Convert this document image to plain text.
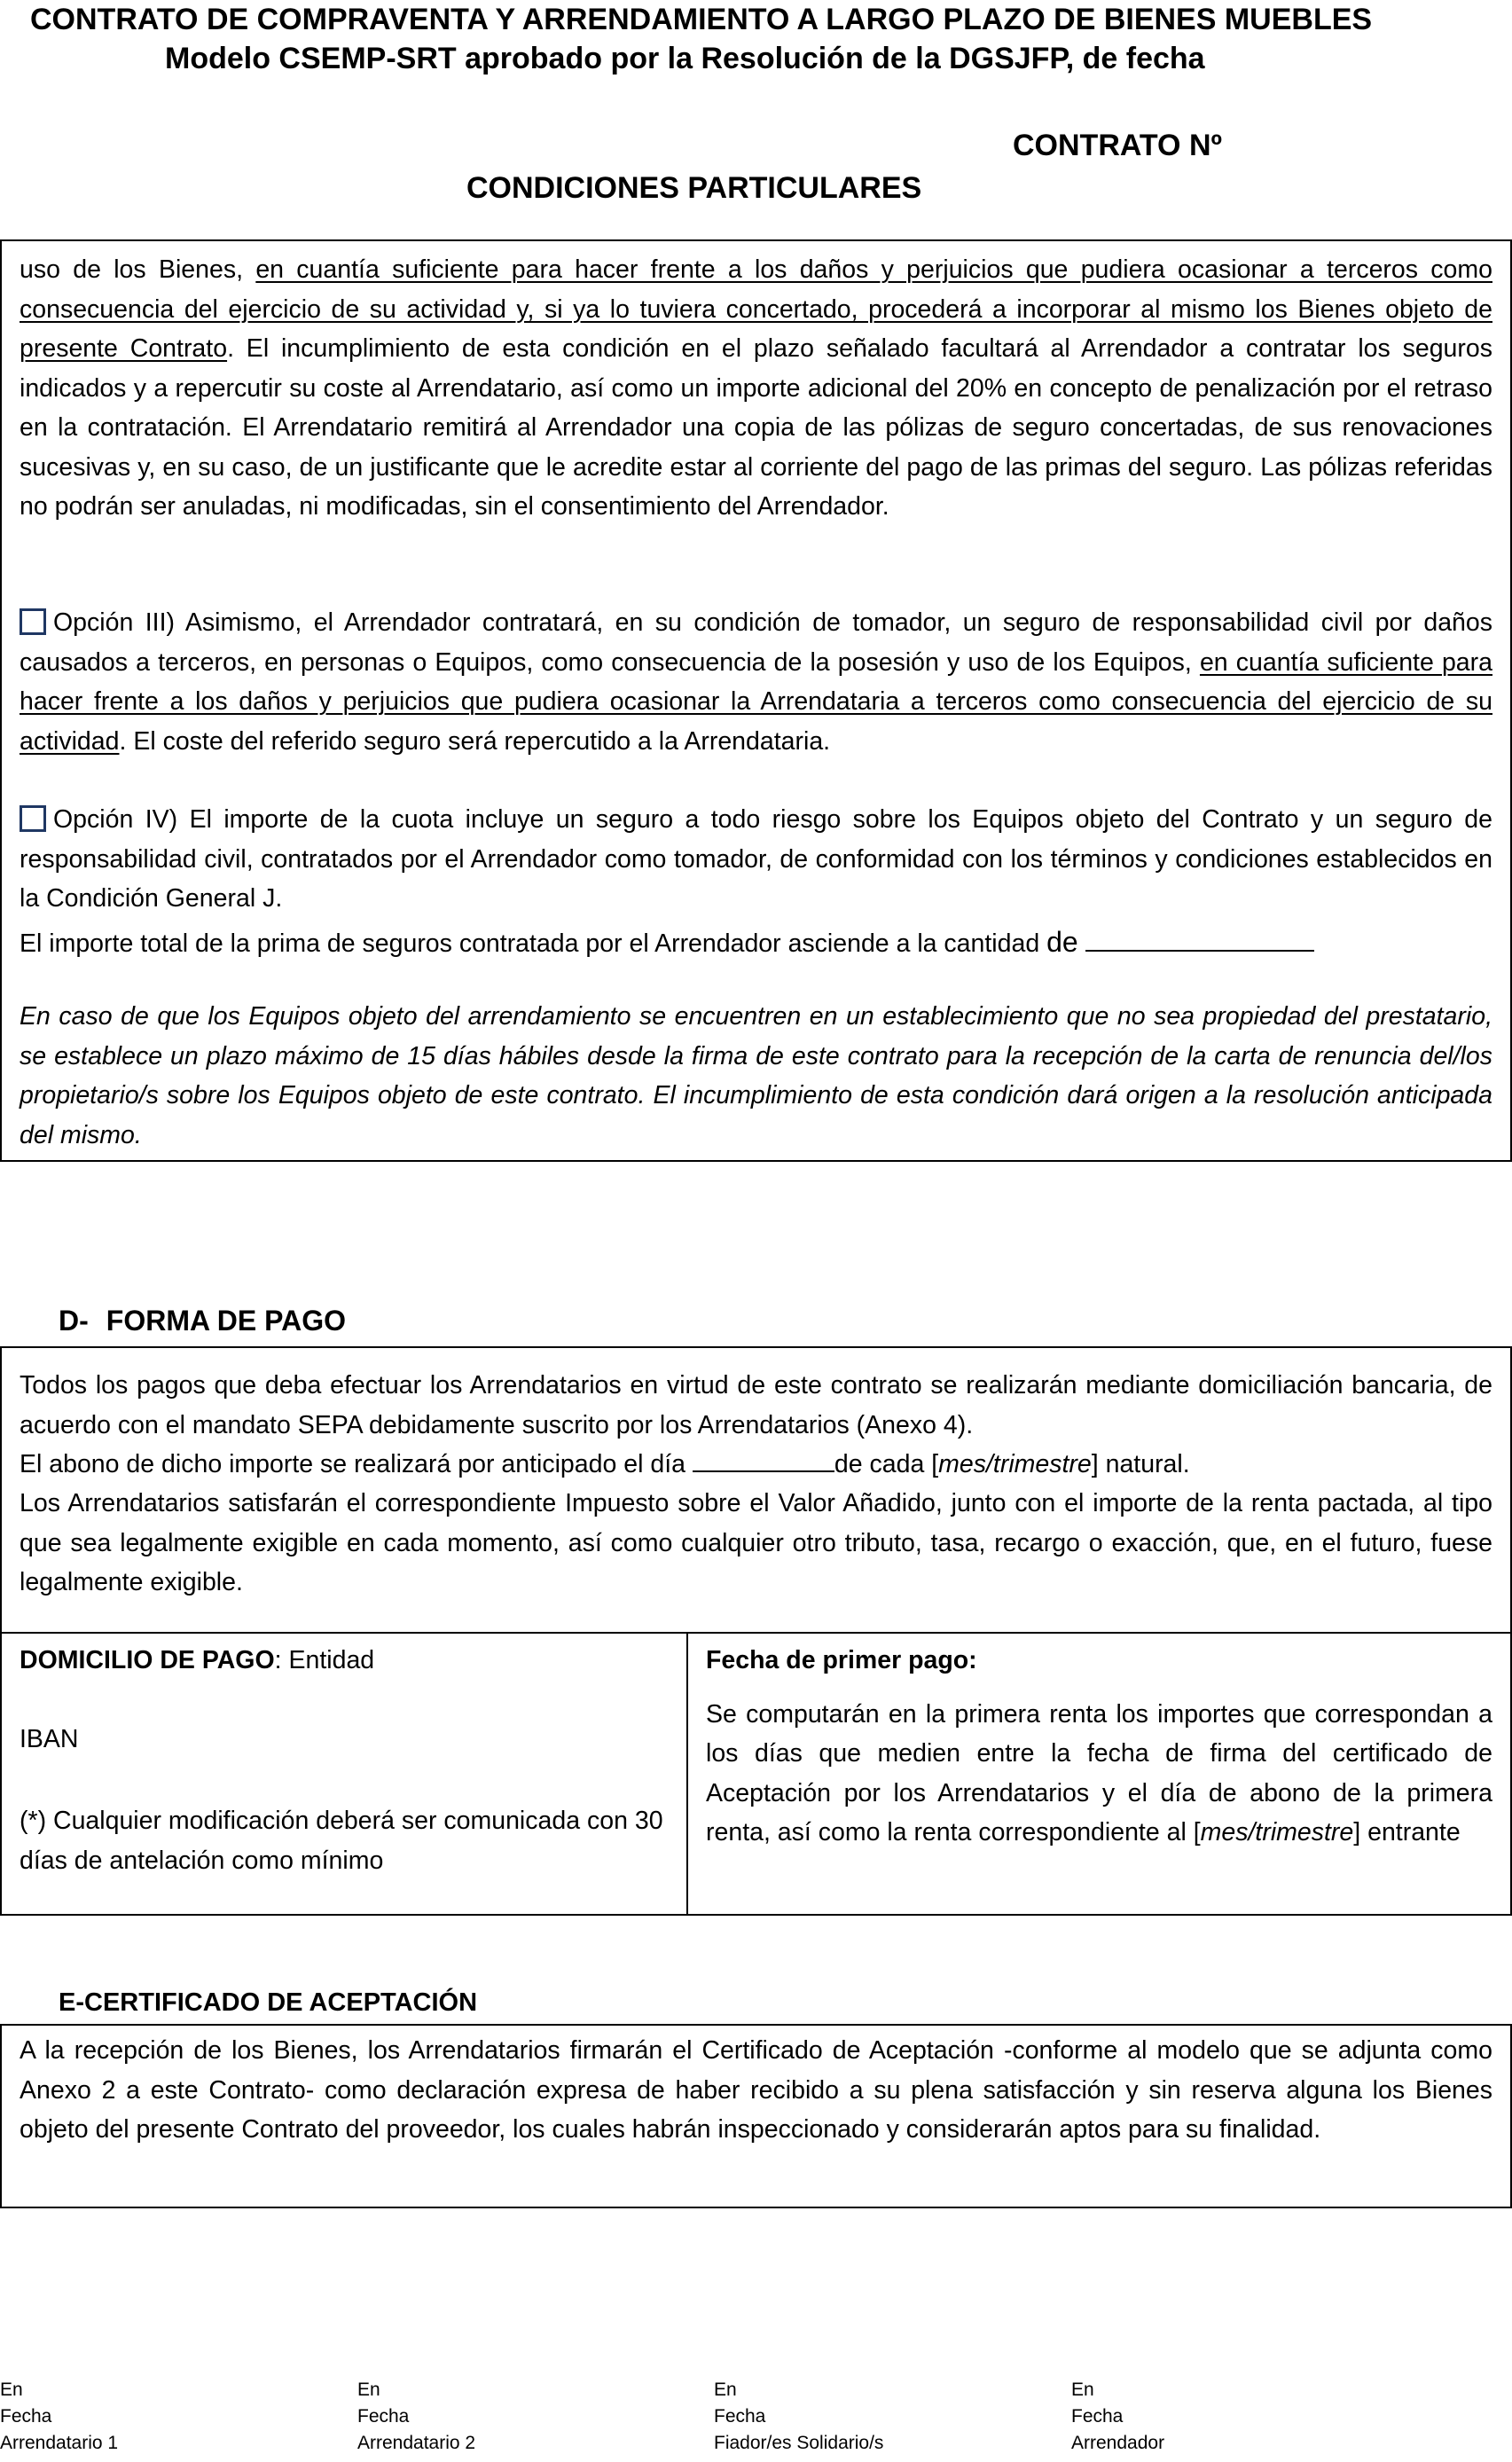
CONTRATO DE COMPRAVENTA Y ARRENDAMIENTO A LARGO PLAZO DE BIENES MUEBLES
Modelo CSEMP-SRT aprobado por la Resolución de la DGSJFP, de fecha
CONTRATO Nº
CONDICIONES PARTICULARES

uso de los Bienes, en cuantía suficiente para hacer frente a los daños y perjuicios que pudiera ocasionar a terceros como consecuencia del ejercicio de su actividad y, si ya lo tuviera concertado, procederá a incorporar al mismo los Bienes objeto de presente Contrato. El incumplimiento de esta condición en el plazo señalado facultará al Arrendador a contratar los seguros indicados y a repercutir su coste al Arrendatario, así como un importe adicional del 20% en concepto de penalización por el retraso en la contratación. El Arrendatario remitirá al Arrendador una copia de las pólizas de seguro concertadas, de sus renovaciones sucesivas y, en su caso, de un justificante que le acredite estar al corriente del pago de las primas del seguro. Las pólizas referidas no podrán ser anuladas, ni modificadas, sin el consentimiento del Arrendador.

Opción III) Asimismo, el Arrendador contratará, en su condición de tomador, un seguro de responsabilidad civil por daños causados a terceros, en personas o Equipos, como consecuencia de la posesión y uso de los Equipos, en cuantía suficiente para hacer frente a los daños y perjuicios que pudiera ocasionar la Arrendataria a terceros como consecuencia del ejercicio de su actividad. El coste del referido seguro será repercutido a la Arrendataria.

Opción IV) El importe de la cuota incluye un seguro a todo riesgo sobre los Equipos objeto del Contrato y un seguro de responsabilidad civil, contratados por el Arrendador como tomador, de conformidad con los términos y condiciones establecidos en la Condición General J.

El importe total de la prima de seguros contratada por el Arrendador asciende a la cantidad de

En caso de que los Equipos objeto del arrendamiento se encuentren en un establecimiento que no sea propiedad del prestatario, se establece un plazo máximo de 15 días hábiles desde la firma de este contrato para la recepción de la carta de renuncia del/los propietario/s sobre los Equipos objeto de este contrato. El incumplimiento de esta condición dará origen a la resolución anticipada del mismo.

D- FORMA DE PAGO

Todos los pagos que deba efectuar los Arrendatarios en virtud de este contrato se realizarán mediante domiciliación bancaria, de acuerdo con el mandato SEPA debidamente suscrito por los Arrendatarios (Anexo 4).

El abono de dicho importe se realizará por anticipado el día	de cada [mes/trimestre] natural.

Los Arrendatarios satisfarán el correspondiente Impuesto sobre el Valor Añadido, junto con el importe de la renta pactada, al tipo que sea legalmente exigible en cada momento, así como cualquier otro tributo, tasa, recargo o exacción, que, en el futuro, fuese legalmente exigible.

DOMICILIO DE PAGO: Entidad
IBAN
(*) Cualquier modificación deberá ser comunicada con 30 días de antelación como mínimo
Fecha de primer pago:
Se computarán en la primera renta los importes que correspondan a los días que medien entre la fecha de firma del certificado de Aceptación por los Arrendatarios y el día de abono de la primera renta, así como la renta correspondiente al [mes/trimestre] entrante
E-CERTIFICADO DE ACEPTACIÓN

A la recepción de los Bienes, los Arrendatarios firmarán el Certificado de Aceptación -conforme al modelo que se adjunta como Anexo 2 a este Contrato- como declaración expresa de haber recibido a su plena satisfacción y sin reserva alguna los Bienes objeto del presente Contrato del proveedor, los cuales habrán inspeccionado y considerarán aptos para su finalidad.

En
Fecha
Arrendatario 1
En
Fecha
Arrendatario 2
En
Fecha
Fiador/es Solidario/s
En
Fecha
Arrendador
